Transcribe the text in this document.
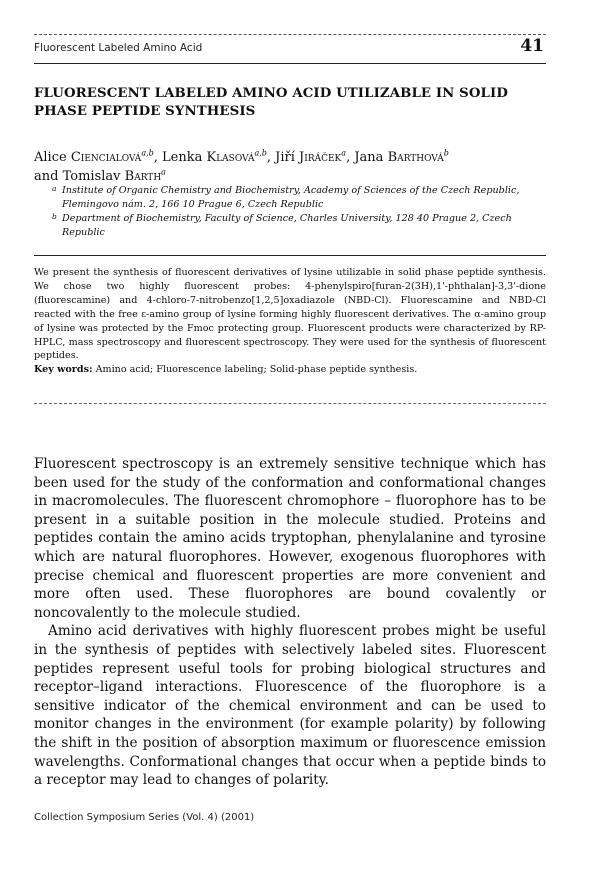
Fluorescent Labeled Amino Acid	41
FLUORESCENT LABELED AMINO ACID UTILIZABLE IN SOLID PHASE PEPTIDE SYNTHESIS
Alice Ciencialová$^{a,b}$, Lenka Klasová$^{a,b}$, Jiří Jiráček$^a$, Jana Barthová$^b$
and Tomislav Barth$^a$
a Institute of Organic Chemistry and Biochemistry, Academy of Sciences of the Czech Republic, Flemingovo nám. 2, 166 10 Prague 6, Czech Republic
b Department of Biochemistry, Faculty of Science, Charles University, 128 40 Prague 2, Czech Republic

We present the synthesis of fluorescent derivatives of lysine utilizable in solid phase peptide synthesis. We chose two highly fluorescent probes: 4-phenylspiro[furan-2(3H),1'-phthalan]-3,3'-dione (fluorescamine) and 4-chloro-7-nitrobenzo[1,2,5]oxadiazole (NBD-Cl). Fluorescamine and NBD-Cl reacted with the free ε-amino group of lysine forming highly fluorescent derivatives. The α-amino group of lysine was protected by the Fmoc protecting group. Fluorescent products were characterized by RP-HPLC, mass spectroscopy and fluorescent spectroscopy. They were used for the synthesis of fluorescent peptides.

Key words: Amino acid; Fluorescence labeling; Solid-phase peptide synthesis.

Fluorescent spectroscopy is an extremely sensitive technique which has been used for the study of the conformation and conformational changes in macromolecules. The fluorescent chromophore – fluorophore has to be present in a suitable position in the molecule studied. Proteins and peptides contain the amino acids tryptophan, phenylalanine and tyrosine which are natural fluorophores. However, exogenous fluorophores with precise chemical and fluorescent properties are more convenient and more often used. These fluorophores are bound covalently or noncovalently to the molecule studied.

Amino acid derivatives with highly fluorescent probes might be useful in the synthesis of peptides with selectively labeled sites. Fluorescent peptides represent useful tools for probing biological structures and receptor–ligand interactions. Fluorescence of the fluorophore is a sensitive indicator of the chemical environment and can be used to monitor changes in the environment (for example polarity) by following the shift in the position of absorption maximum or fluorescence emission wavelengths. Conformational changes that occur when a peptide binds to a receptor may lead to changes of polarity.

Collection Symposium Series (Vol. 4) (2001)
